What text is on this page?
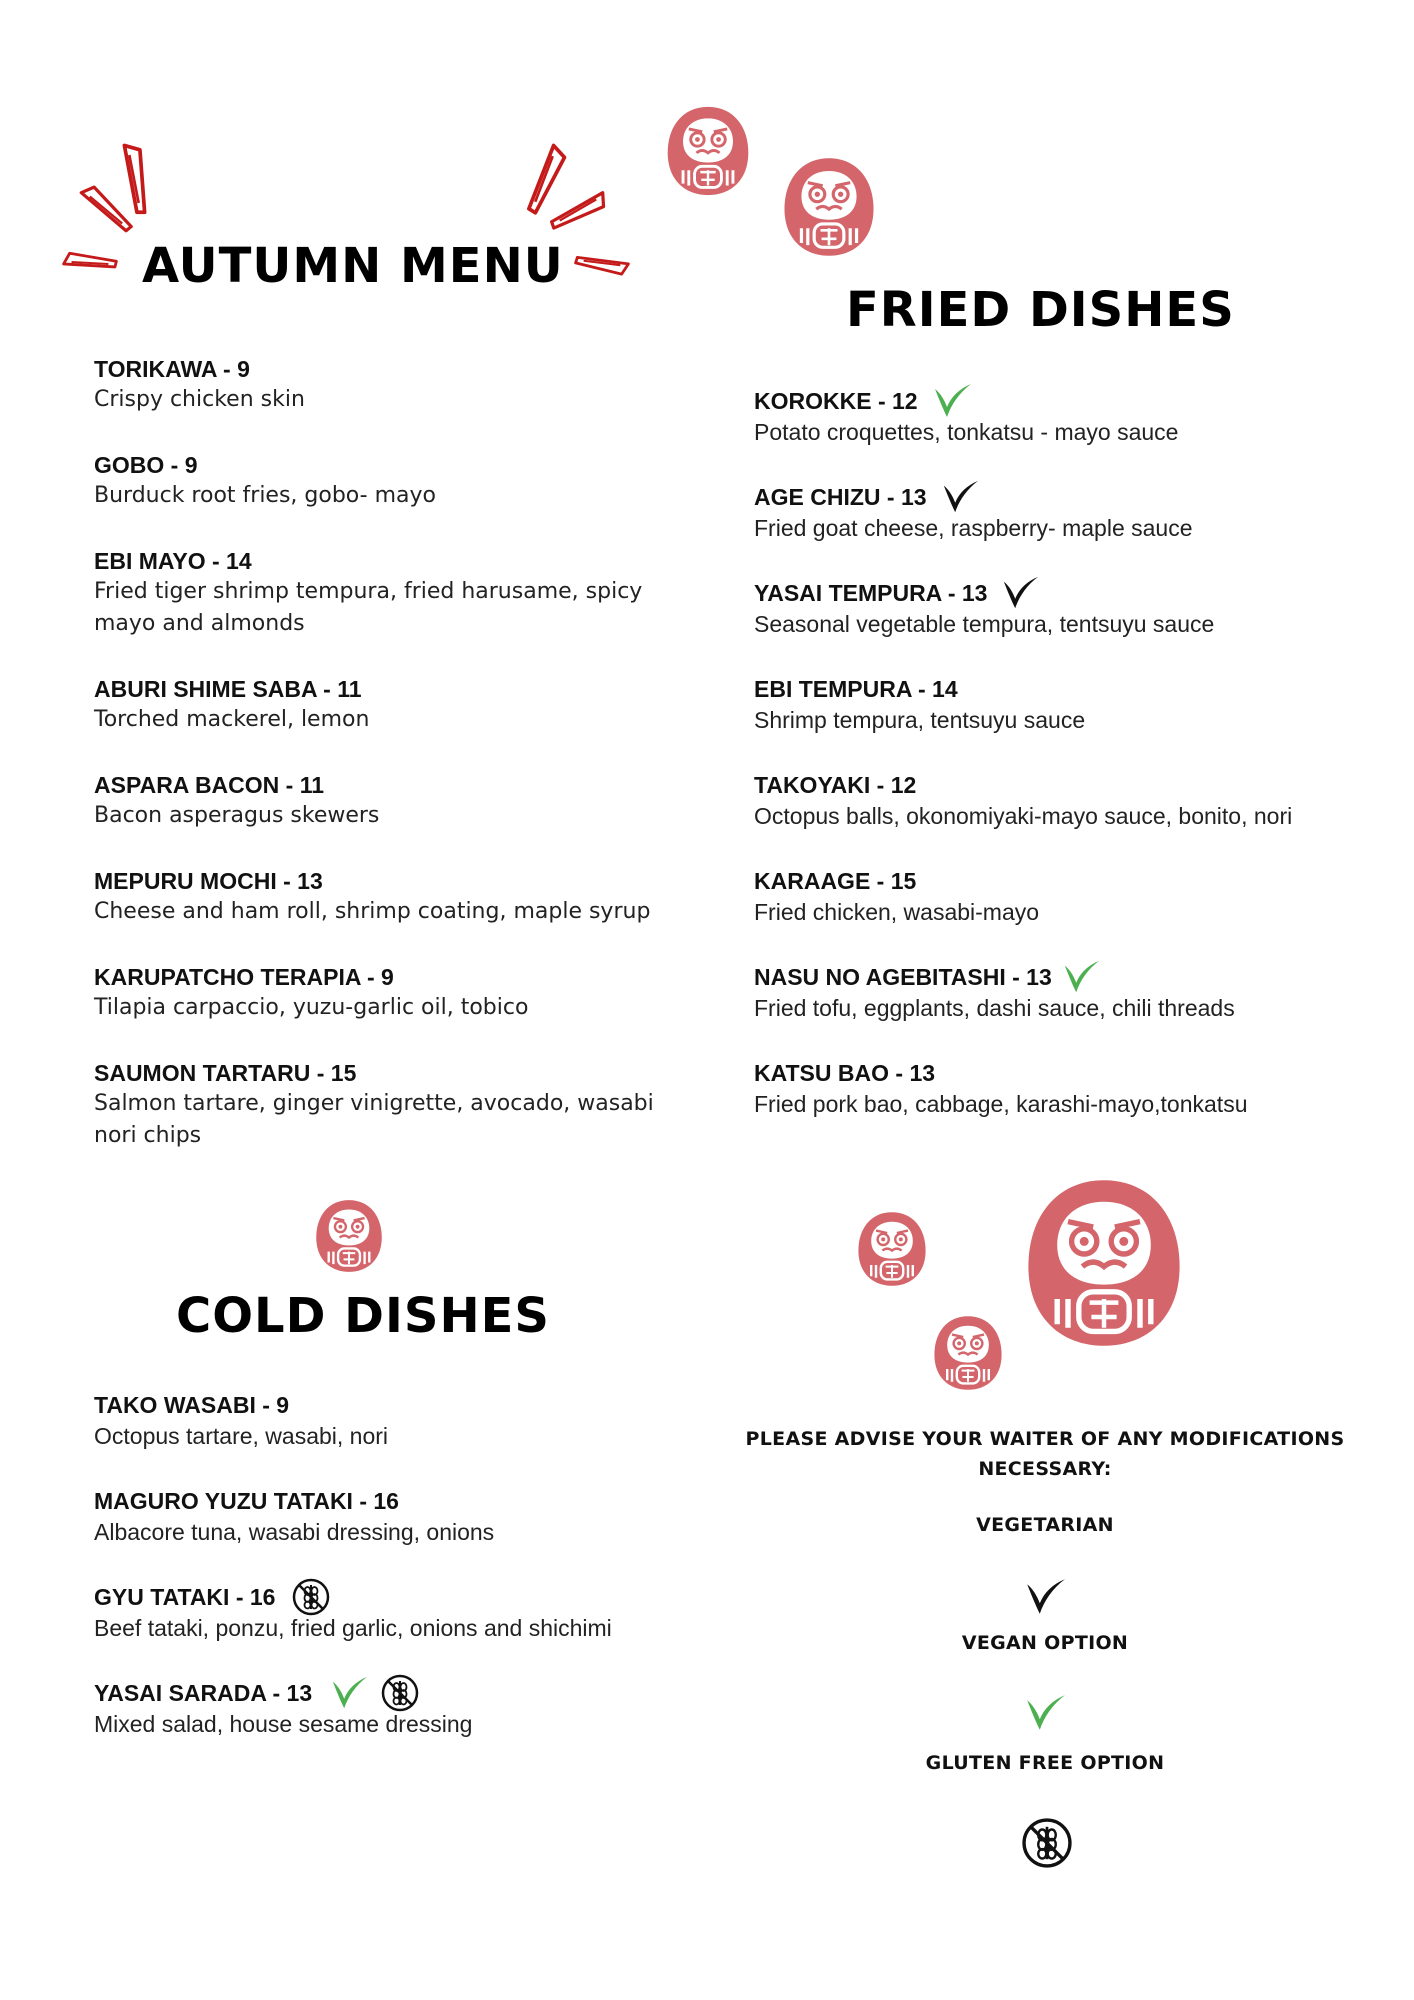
AUTUMN MENU
TORIKAWA - 9
Crispy chicken skin
GOBO - 9
Burduck root fries, gobo- mayo
EBI MAYO - 14
Fried tiger shrimp tempura, fried harusame, spicy mayo and almonds
ABURI SHIME SABA - 11
Torched mackerel, lemon
ASPARA BACON - 11
Bacon asperagus skewers
MEPURU MOCHI - 13
Cheese and ham roll, shrimp coating, maple syrup
KARUPATCHO TERAPIA - 9
Tilapia carpaccio, yuzu-garlic oil, tobico
SAUMON TARTARU - 15
Salmon tartare, ginger vinigrette, avocado, wasabi nori chips
COLD DISHES
TAKO WASABI - 9
Octopus tartare, wasabi, nori
MAGURO YUZU TATAKI - 16
Albacore tuna, wasabi dressing, onions
GYU TATAKI - 16
Beef tataki, ponzu, fried garlic, onions and shichimi
YASAI SARADA - 13
Mixed salad, house sesame dressing
FRIED DISHES
KOROKKE - 12
Potato croquettes, tonkatsu - mayo sauce
AGE CHIZU - 13
Fried goat cheese, raspberry- maple sauce
YASAI TEMPURA - 13
Seasonal vegetable tempura, tentsuyu sauce
EBI TEMPURA - 14
Shrimp tempura, tentsuyu sauce
TAKOYAKI - 12
Octopus balls, okonomiyaki-mayo sauce, bonito, nori
KARAAGE - 15
Fried chicken, wasabi-mayo
NASU NO AGEBITASHI - 13
Fried tofu, eggplants, dashi sauce, chili threads
KATSU BAO - 13
Fried pork bao, cabbage, karashi-mayo,tonkatsu
PLEASE ADVISE YOUR WAITER OF ANY MODIFICATIONS NECESSARY:
VEGETARIAN
VEGAN OPTION
GLUTEN FREE OPTION
